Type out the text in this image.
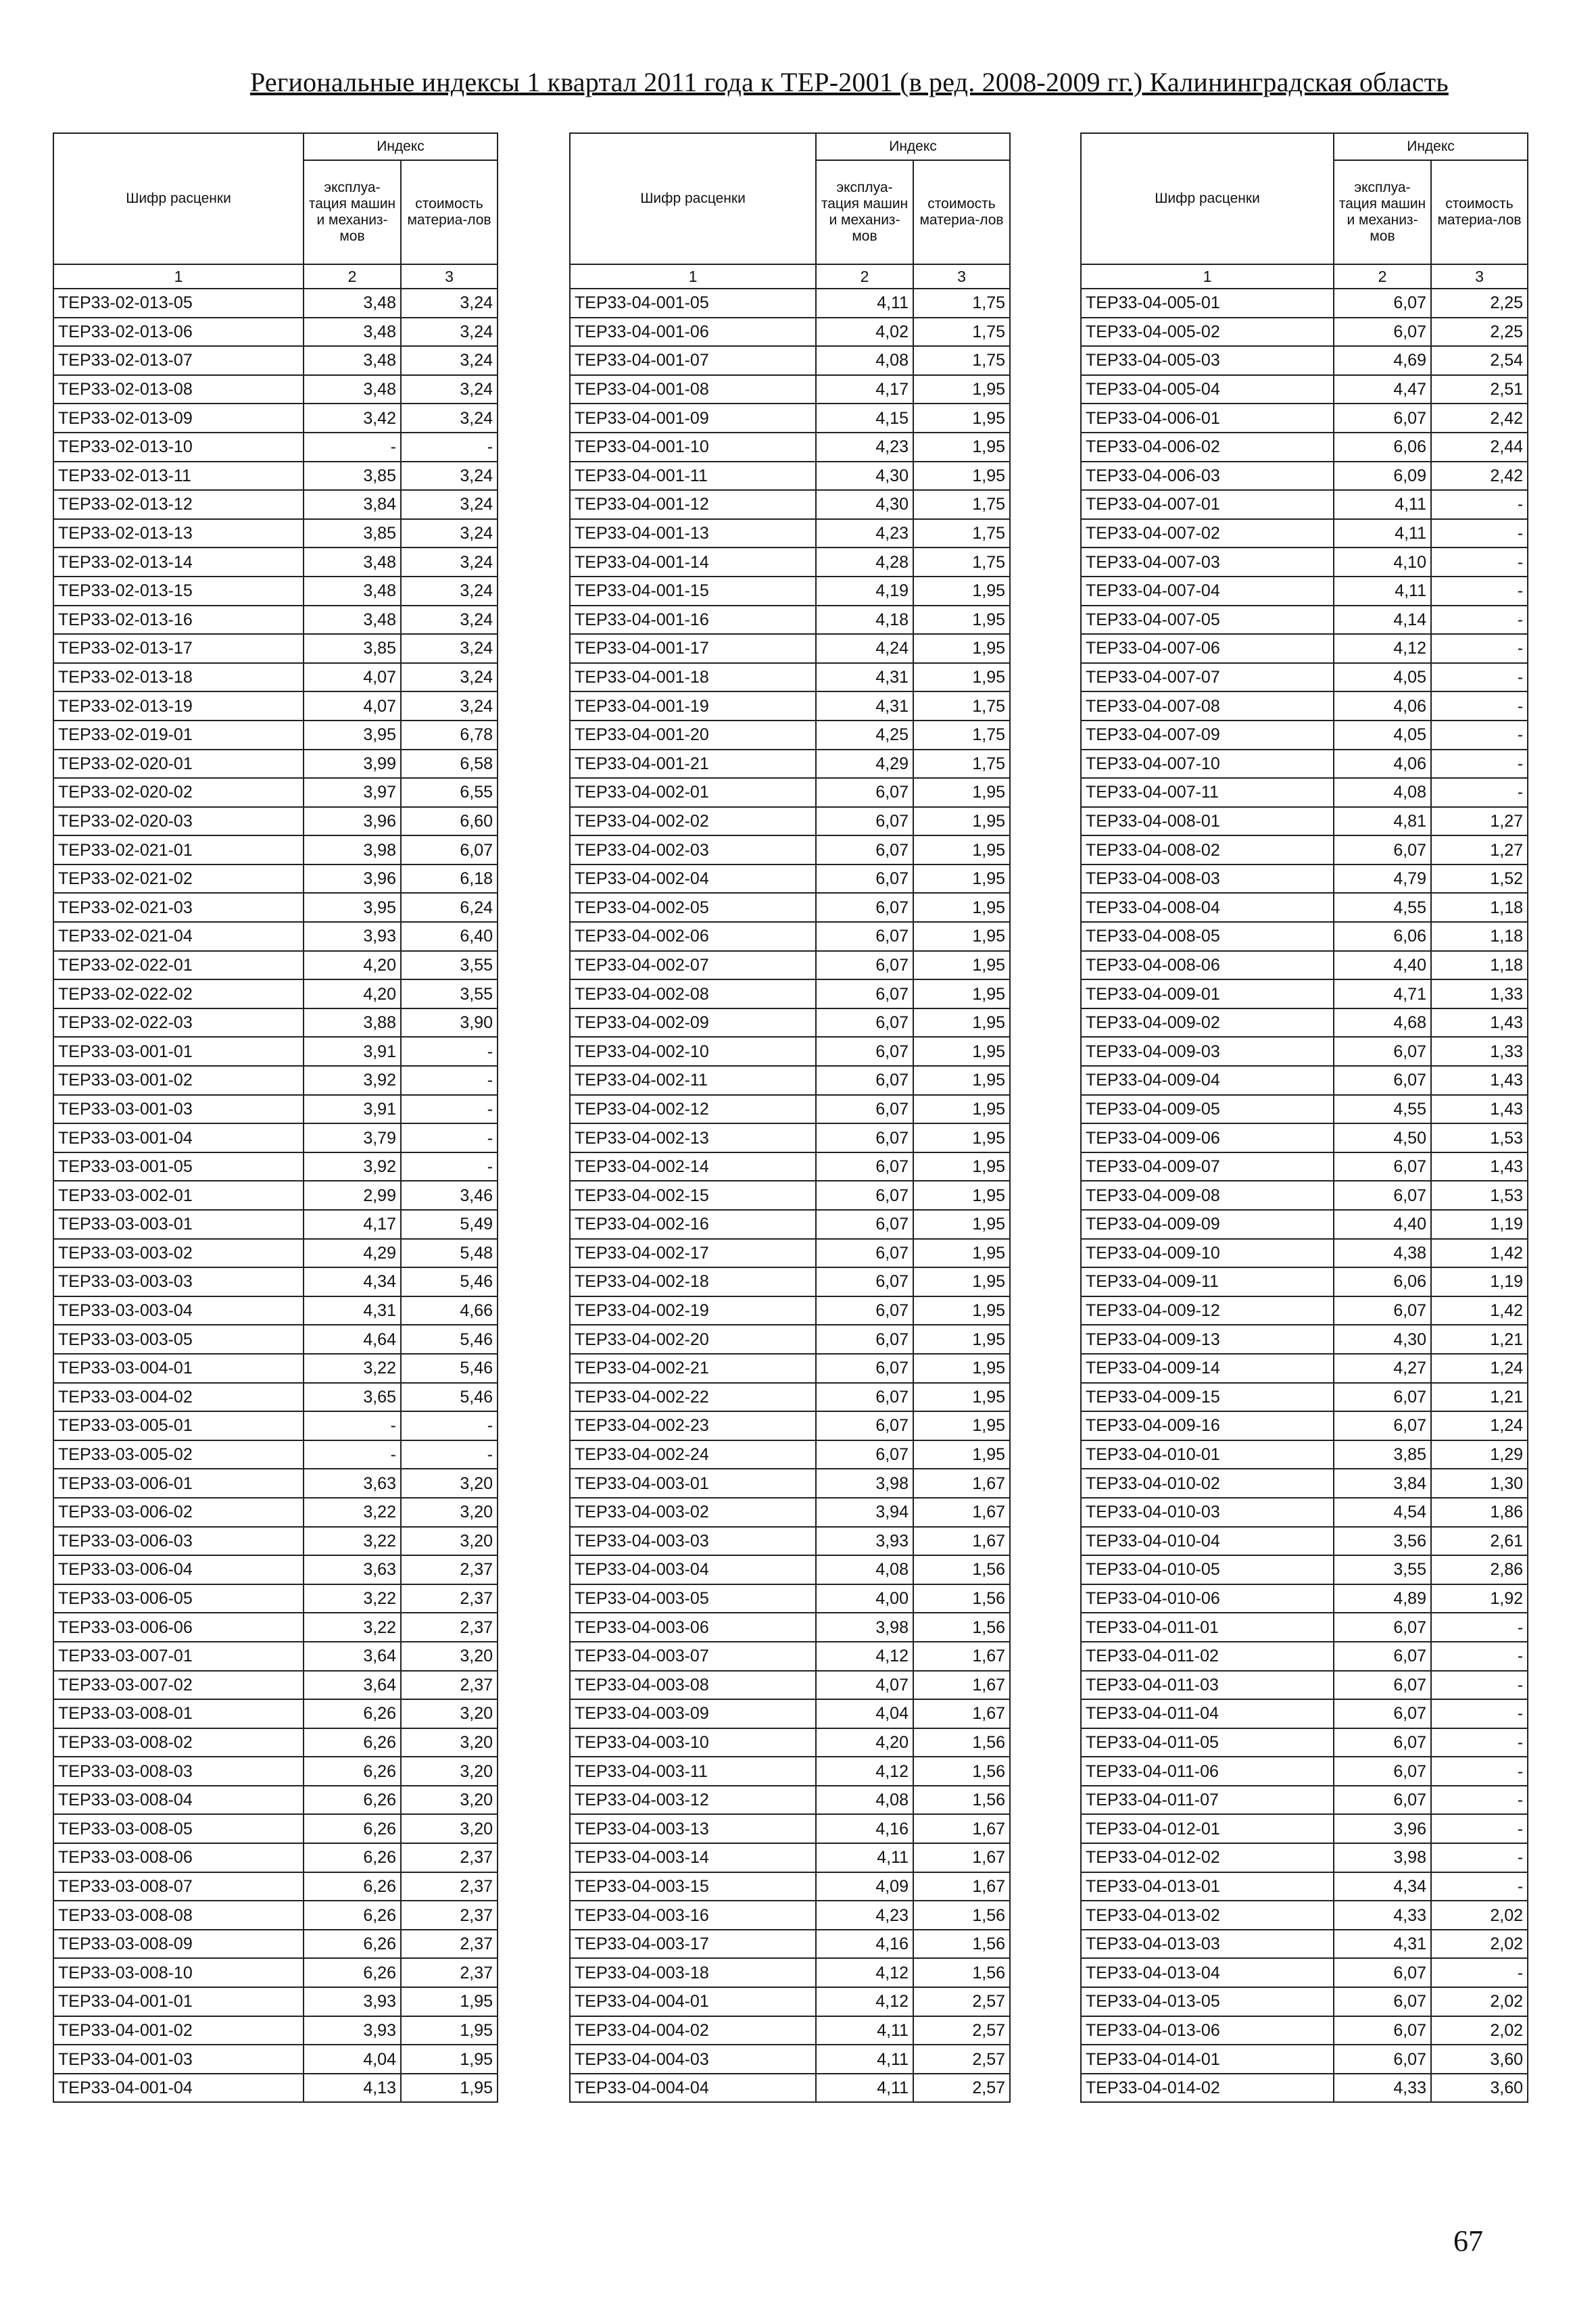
Региональные индексы 1 квартал 2011 года к ТЕР-2001 (в ред. 2008-2009 гг.) Калининградская область
Шифр расценки	Индекс	
	эксплуа-тация машин и механиз-мов	стоимость материа-лов
1	2	3
ТЕР33-02-013-05	3,48	3,24
ТЕР33-02-013-06	3,48	3,24
ТЕР33-02-013-07	3,48	3,24
ТЕР33-02-013-08	3,48	3,24
ТЕР33-02-013-09	3,42	3,24
ТЕР33-02-013-10	-	-
ТЕР33-02-013-11	3,85	3,24
ТЕР33-02-013-12	3,84	3,24
ТЕР33-02-013-13	3,85	3,24
ТЕР33-02-013-14	3,48	3,24
ТЕР33-02-013-15	3,48	3,24
ТЕР33-02-013-16	3,48	3,24
ТЕР33-02-013-17	3,85	3,24
ТЕР33-02-013-18	4,07	3,24
ТЕР33-02-013-19	4,07	3,24
ТЕР33-02-019-01	3,95	6,78
ТЕР33-02-020-01	3,99	6,58
ТЕР33-02-020-02	3,97	6,55
ТЕР33-02-020-03	3,96	6,60
ТЕР33-02-021-01	3,98	6,07
ТЕР33-02-021-02	3,96	6,18
ТЕР33-02-021-03	3,95	6,24
ТЕР33-02-021-04	3,93	6,40
ТЕР33-02-022-01	4,20	3,55
ТЕР33-02-022-02	4,20	3,55
ТЕР33-02-022-03	3,88	3,90
ТЕР33-03-001-01	3,91	-
ТЕР33-03-001-02	3,92	-
ТЕР33-03-001-03	3,91	-
ТЕР33-03-001-04	3,79	-
ТЕР33-03-001-05	3,92	-
ТЕР33-03-002-01	2,99	3,46
ТЕР33-03-003-01	4,17	5,49
ТЕР33-03-003-02	4,29	5,48
ТЕР33-03-003-03	4,34	5,46
ТЕР33-03-003-04	4,31	4,66
ТЕР33-03-003-05	4,64	5,46
ТЕР33-03-004-01	3,22	5,46
ТЕР33-03-004-02	3,65	5,46
ТЕР33-03-005-01	-	-
ТЕР33-03-005-02	-	-
ТЕР33-03-006-01	3,63	3,20
ТЕР33-03-006-02	3,22	3,20
ТЕР33-03-006-03	3,22	3,20
ТЕР33-03-006-04	3,63	2,37
ТЕР33-03-006-05	3,22	2,37
ТЕР33-03-006-06	3,22	2,37
ТЕР33-03-007-01	3,64	3,20
ТЕР33-03-007-02	3,64	2,37
ТЕР33-03-008-01	6,26	3,20
ТЕР33-03-008-02	6,26	3,20
ТЕР33-03-008-03	6,26	3,20
ТЕР33-03-008-04	6,26	3,20
ТЕР33-03-008-05	6,26	3,20
ТЕР33-03-008-06	6,26	2,37
ТЕР33-03-008-07	6,26	2,37
ТЕР33-03-008-08	6,26	2,37
ТЕР33-03-008-09	6,26	2,37
ТЕР33-03-008-10	6,26	2,37
ТЕР33-04-001-01	3,93	1,95
ТЕР33-04-001-02	3,93	1,95
ТЕР33-04-001-03	4,04	1,95
ТЕР33-04-001-04	4,13	1,95
Шифр расценки	Индекс	
	эксплуа-тация машин и механиз-мов	стоимость материа-лов
1	2	3
ТЕР33-04-001-05	4,11	1,75
ТЕР33-04-001-06	4,02	1,75
ТЕР33-04-001-07	4,08	1,75
ТЕР33-04-001-08	4,17	1,95
ТЕР33-04-001-09	4,15	1,95
ТЕР33-04-001-10	4,23	1,95
ТЕР33-04-001-11	4,30	1,95
ТЕР33-04-001-12	4,30	1,75
ТЕР33-04-001-13	4,23	1,75
ТЕР33-04-001-14	4,28	1,75
ТЕР33-04-001-15	4,19	1,95
ТЕР33-04-001-16	4,18	1,95
ТЕР33-04-001-17	4,24	1,95
ТЕР33-04-001-18	4,31	1,95
ТЕР33-04-001-19	4,31	1,75
ТЕР33-04-001-20	4,25	1,75
ТЕР33-04-001-21	4,29	1,75
ТЕР33-04-002-01	6,07	1,95
ТЕР33-04-002-02	6,07	1,95
ТЕР33-04-002-03	6,07	1,95
ТЕР33-04-002-04	6,07	1,95
ТЕР33-04-002-05	6,07	1,95
ТЕР33-04-002-06	6,07	1,95
ТЕР33-04-002-07	6,07	1,95
ТЕР33-04-002-08	6,07	1,95
ТЕР33-04-002-09	6,07	1,95
ТЕР33-04-002-10	6,07	1,95
ТЕР33-04-002-11	6,07	1,95
ТЕР33-04-002-12	6,07	1,95
ТЕР33-04-002-13	6,07	1,95
ТЕР33-04-002-14	6,07	1,95
ТЕР33-04-002-15	6,07	1,95
ТЕР33-04-002-16	6,07	1,95
ТЕР33-04-002-17	6,07	1,95
ТЕР33-04-002-18	6,07	1,95
ТЕР33-04-002-19	6,07	1,95
ТЕР33-04-002-20	6,07	1,95
ТЕР33-04-002-21	6,07	1,95
ТЕР33-04-002-22	6,07	1,95
ТЕР33-04-002-23	6,07	1,95
ТЕР33-04-002-24	6,07	1,95
ТЕР33-04-003-01	3,98	1,67
ТЕР33-04-003-02	3,94	1,67
ТЕР33-04-003-03	3,93	1,67
ТЕР33-04-003-04	4,08	1,56
ТЕР33-04-003-05	4,00	1,56
ТЕР33-04-003-06	3,98	1,56
ТЕР33-04-003-07	4,12	1,67
ТЕР33-04-003-08	4,07	1,67
ТЕР33-04-003-09	4,04	1,67
ТЕР33-04-003-10	4,20	1,56
ТЕР33-04-003-11	4,12	1,56
ТЕР33-04-003-12	4,08	1,56
ТЕР33-04-003-13	4,16	1,67
ТЕР33-04-003-14	4,11	1,67
ТЕР33-04-003-15	4,09	1,67
ТЕР33-04-003-16	4,23	1,56
ТЕР33-04-003-17	4,16	1,56
ТЕР33-04-003-18	4,12	1,56
ТЕР33-04-004-01	4,12	2,57
ТЕР33-04-004-02	4,11	2,57
ТЕР33-04-004-03	4,11	2,57
ТЕР33-04-004-04	4,11	2,57
Шифр расценки	Индекс	
	эксплуа-тация машин и механиз-мов	стоимость материа-лов
1	2	3
ТЕР33-04-005-01	6,07	2,25
ТЕР33-04-005-02	6,07	2,25
ТЕР33-04-005-03	4,69	2,54
ТЕР33-04-005-04	4,47	2,51
ТЕР33-04-006-01	6,07	2,42
ТЕР33-04-006-02	6,06	2,44
ТЕР33-04-006-03	6,09	2,42
ТЕР33-04-007-01	4,11	-
ТЕР33-04-007-02	4,11	-
ТЕР33-04-007-03	4,10	-
ТЕР33-04-007-04	4,11	-
ТЕР33-04-007-05	4,14	-
ТЕР33-04-007-06	4,12	-
ТЕР33-04-007-07	4,05	-
ТЕР33-04-007-08	4,06	-
ТЕР33-04-007-09	4,05	-
ТЕР33-04-007-10	4,06	-
ТЕР33-04-007-11	4,08	-
ТЕР33-04-008-01	4,81	1,27
ТЕР33-04-008-02	6,07	1,27
ТЕР33-04-008-03	4,79	1,52
ТЕР33-04-008-04	4,55	1,18
ТЕР33-04-008-05	6,06	1,18
ТЕР33-04-008-06	4,40	1,18
ТЕР33-04-009-01	4,71	1,33
ТЕР33-04-009-02	4,68	1,43
ТЕР33-04-009-03	6,07	1,33
ТЕР33-04-009-04	6,07	1,43
ТЕР33-04-009-05	4,55	1,43
ТЕР33-04-009-06	4,50	1,53
ТЕР33-04-009-07	6,07	1,43
ТЕР33-04-009-08	6,07	1,53
ТЕР33-04-009-09	4,40	1,19
ТЕР33-04-009-10	4,38	1,42
ТЕР33-04-009-11	6,06	1,19
ТЕР33-04-009-12	6,07	1,42
ТЕР33-04-009-13	4,30	1,21
ТЕР33-04-009-14	4,27	1,24
ТЕР33-04-009-15	6,07	1,21
ТЕР33-04-009-16	6,07	1,24
ТЕР33-04-010-01	3,85	1,29
ТЕР33-04-010-02	3,84	1,30
ТЕР33-04-010-03	4,54	1,86
ТЕР33-04-010-04	3,56	2,61
ТЕР33-04-010-05	3,55	2,86
ТЕР33-04-010-06	4,89	1,92
ТЕР33-04-011-01	6,07	-
ТЕР33-04-011-02	6,07	-
ТЕР33-04-011-03	6,07	-
ТЕР33-04-011-04	6,07	-
ТЕР33-04-011-05	6,07	-
ТЕР33-04-011-06	6,07	-
ТЕР33-04-011-07	6,07	-
ТЕР33-04-012-01	3,96	-
ТЕР33-04-012-02	3,98	-
ТЕР33-04-013-01	4,34	-
ТЕР33-04-013-02	4,33	2,02
ТЕР33-04-013-03	4,31	2,02
ТЕР33-04-013-04	6,07	-
ТЕР33-04-013-05	6,07	2,02
ТЕР33-04-013-06	6,07	2,02
ТЕР33-04-014-01	6,07	3,60
ТЕР33-04-014-02	4,33	3,60
67
